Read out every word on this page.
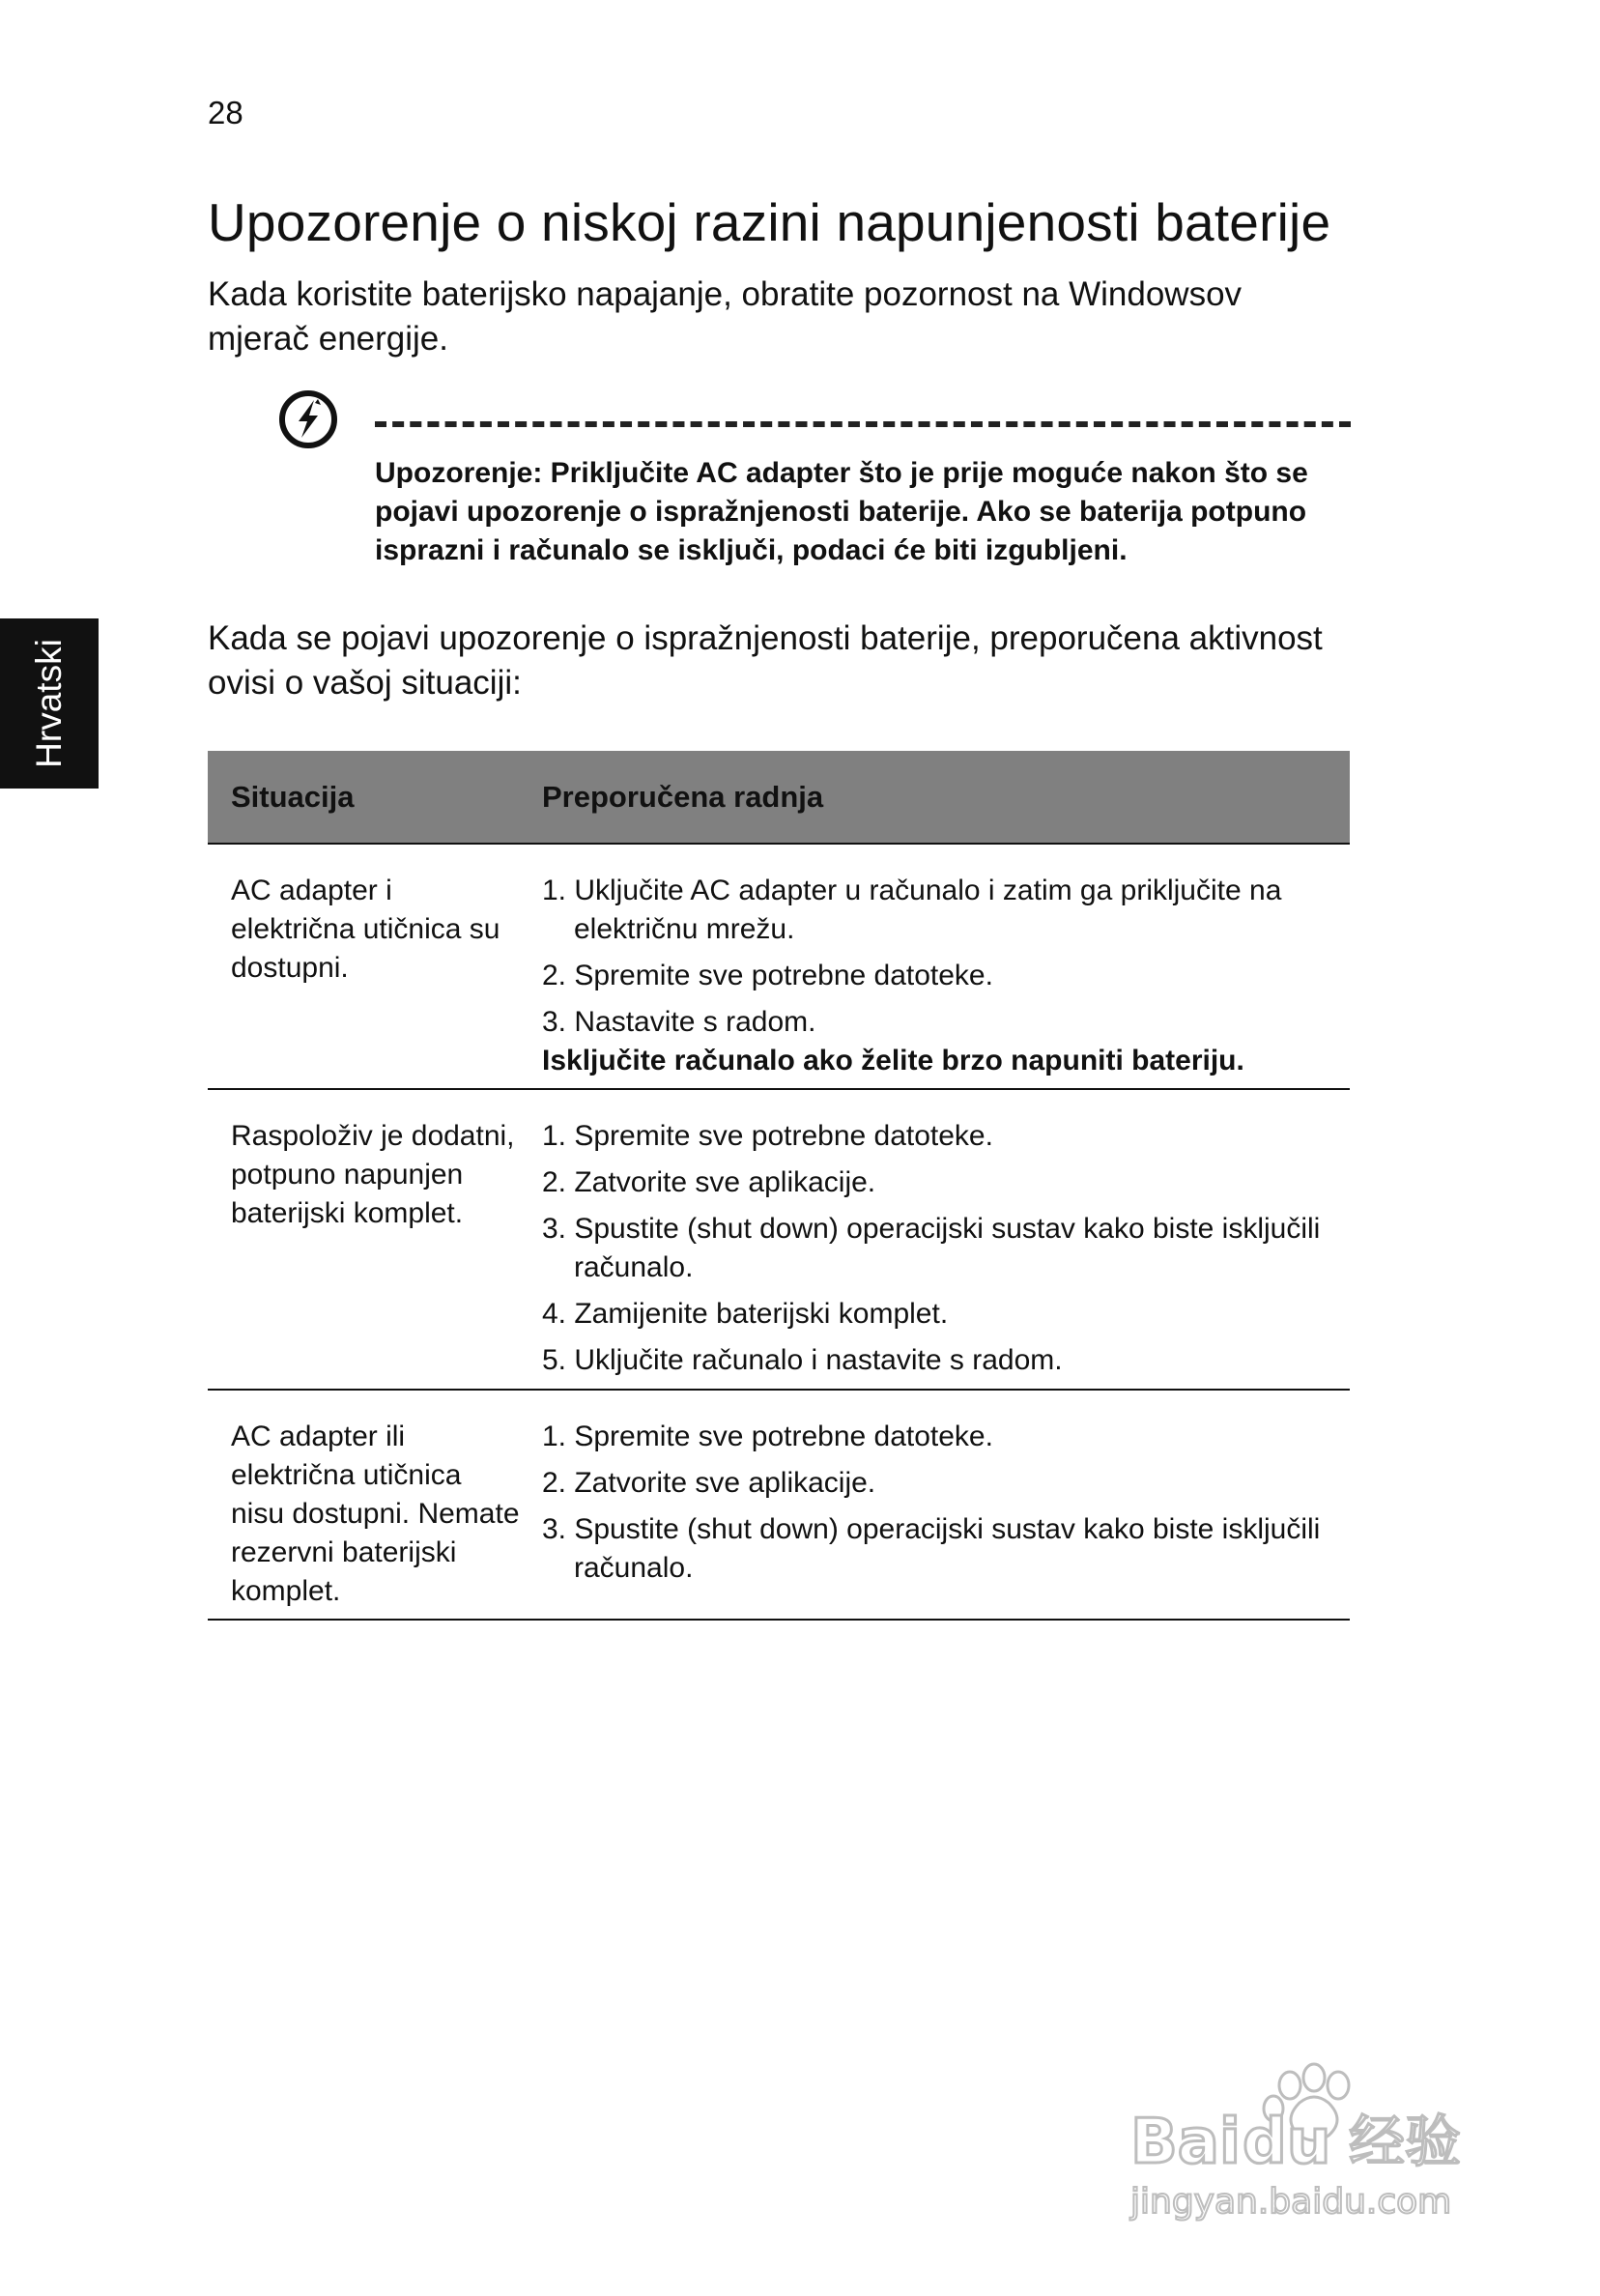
28
Hrvatski
Upozorenje o niskoj razini napunjenosti baterije

Kada koristite baterijsko napajanje, obratite pozornost na Windowsov mjerač energije.

Upozorenje: Priključite AC adapter što je prije moguće nakon što se pojavi upozorenje o ispražnjenosti baterije. Ako se baterija potpuno isprazni i računalo se isključi, podaci će biti izgubljeni.

Kada se pojavi upozorenje o ispražnjenosti baterije, preporučena aktivnost ovisi o vašoj situaciji:

Situacija	Preporučena radnja
AC adapter i električna utičnica su dostupni.

1. Uključite AC adapter u računalo i zatim ga priključite na električnu mrežu.

2. Spremite sve potrebne datoteke.

3. Nastavite s radom.

Isključite računalo ako želite brzo napuniti bateriju.

Raspoloživ je dodatni, potpuno napunjen baterijski komplet.

1. Spremite sve potrebne datoteke.

2. Zatvorite sve aplikacije.

3. Spustite (shut down) operacijski sustav kako biste isključili računalo.

4. Zamijenite baterijski komplet.

5. Uključite računalo i nastavite s radom.

AC adapter ili električna utičnica nisu dostupni. Nemate rezervni baterijski komplet.

1. Spremite sve potrebne datoteke.

2. Zatvorite sve aplikacije.

3. Spustite (shut down) operacijski sustav kako biste isključili računalo.

Bai du 经验
jingyan.baidu.com
